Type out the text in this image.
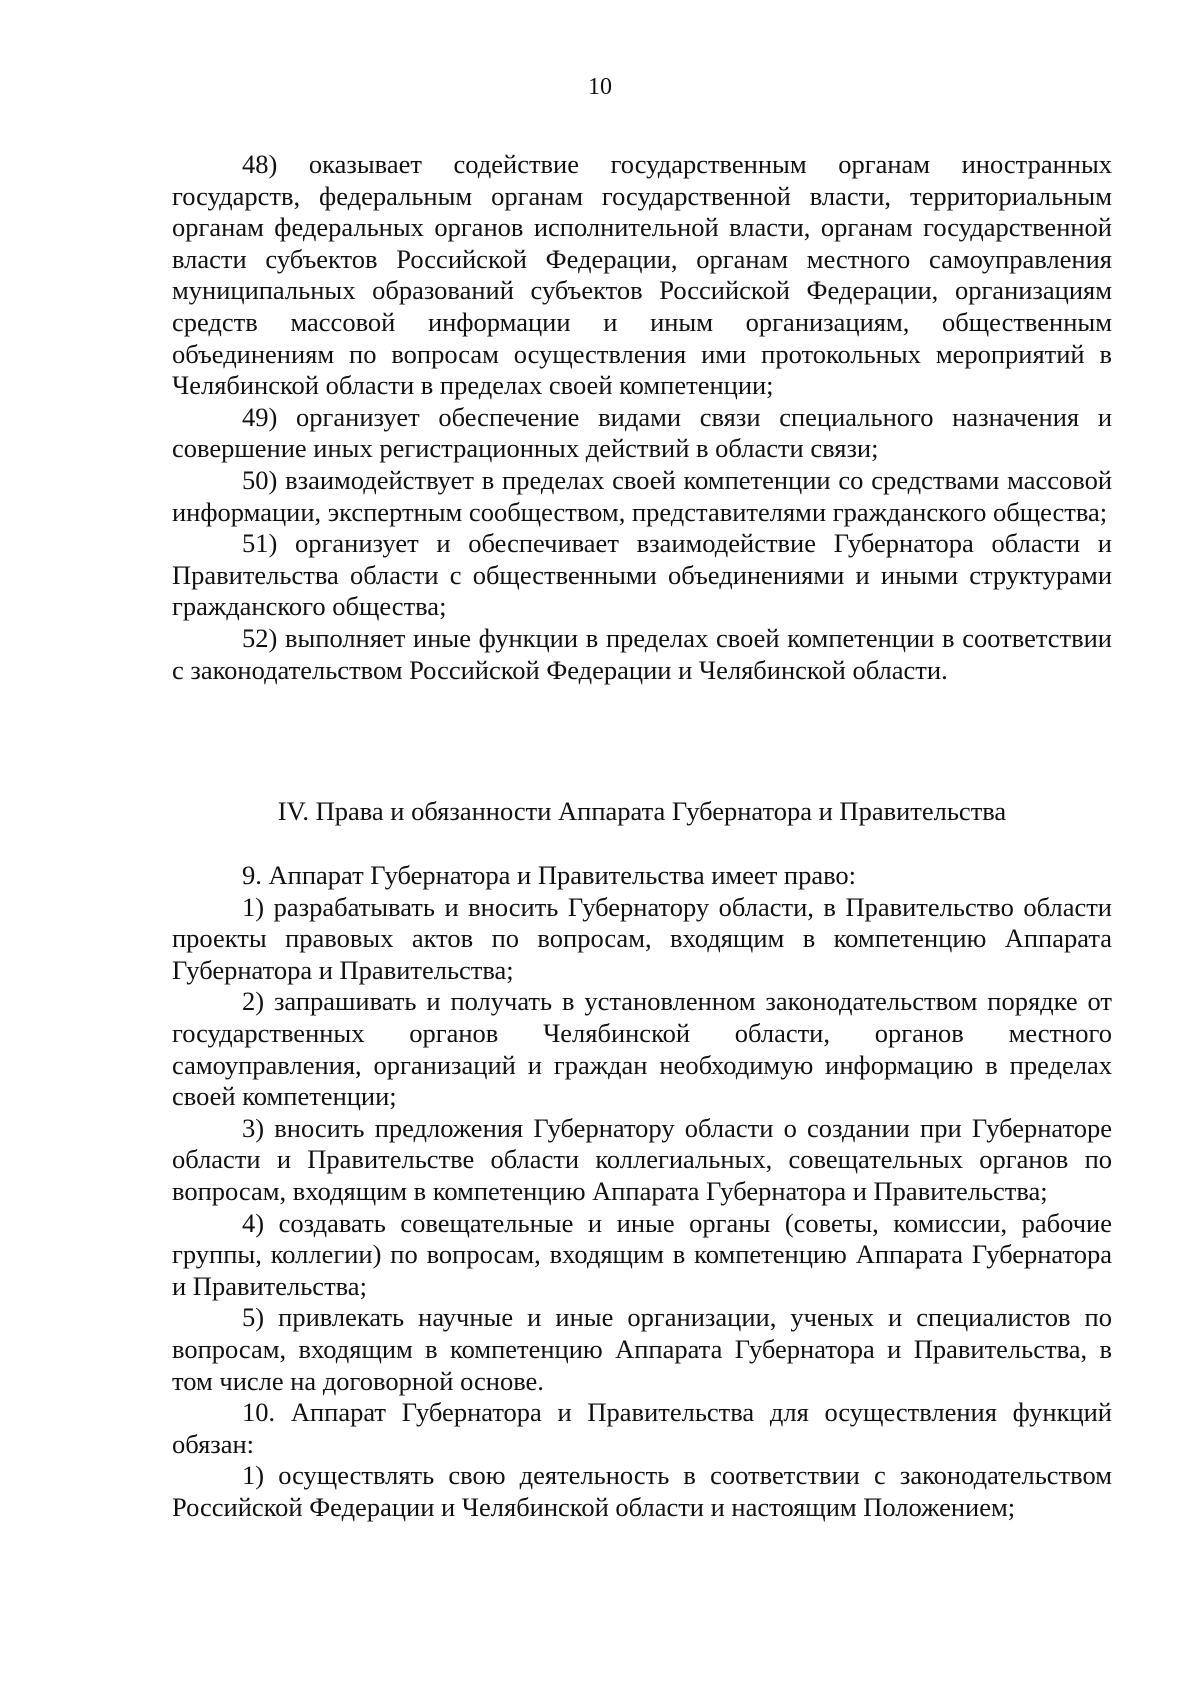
10

48) оказывает содействие государственным органам иностранных государств, федеральным органам государственной власти, территориальным органам федеральных органов исполнительной власти, органам государственной власти субъектов Российской Федерации, органам местного самоуправления муниципальных образований субъектов Российской Федерации, организациям средств массовой информации и иным организациям, общественным объединениям по вопросам осуществления ими протокольных мероприятий в Челябинской области в пределах своей компетенции;

49) организует обеспечение видами связи специального назначения и совершение иных регистрационных действий в области связи;

50) взаимодействует в пределах своей компетенции со средствами массовой информации, экспертным сообществом, представителями гражданского общества;

51) организует и обеспечивает взаимодействие Губернатора области и Правительства области с общественными объединениями и иными структурами гражданского общества;

52) выполняет иные функции в пределах своей компетенции в соответствии с законодательством Российской Федерации и Челябинской области.

IV. Права и обязанности Аппарата Губернатора и Правительства

9. Аппарат Губернатора и Правительства имеет право:

1) разрабатывать и вносить Губернатору области, в Правительство области проекты правовых актов по вопросам, входящим в компетенцию Аппарата Губернатора и Правительства;

2) запрашивать и получать в установленном законодательством порядке от государственных органов Челябинской области, органов местного самоуправления, организаций и граждан необходимую информацию в пределах своей компетенции;

3) вносить предложения Губернатору области о создании при Губернаторе области и Правительстве области коллегиальных, совещательных органов по вопросам, входящим в компетенцию Аппарата Губернатора и Правительства;

4) создавать совещательные и иные органы (советы, комиссии, рабочие группы, коллегии) по вопросам, входящим в компетенцию Аппарата Губернатора и Правительства;

5) привлекать научные и иные организации, ученых и специалистов по вопросам, входящим в компетенцию Аппарата Губернатора и Правительства, в том числе на договорной основе.

10. Аппарат Губернатора и Правительства для осуществления функций обязан:

1) осуществлять свою деятельность в соответствии с законодательством Российской Федерации и Челябинской области и настоящим Положением;
